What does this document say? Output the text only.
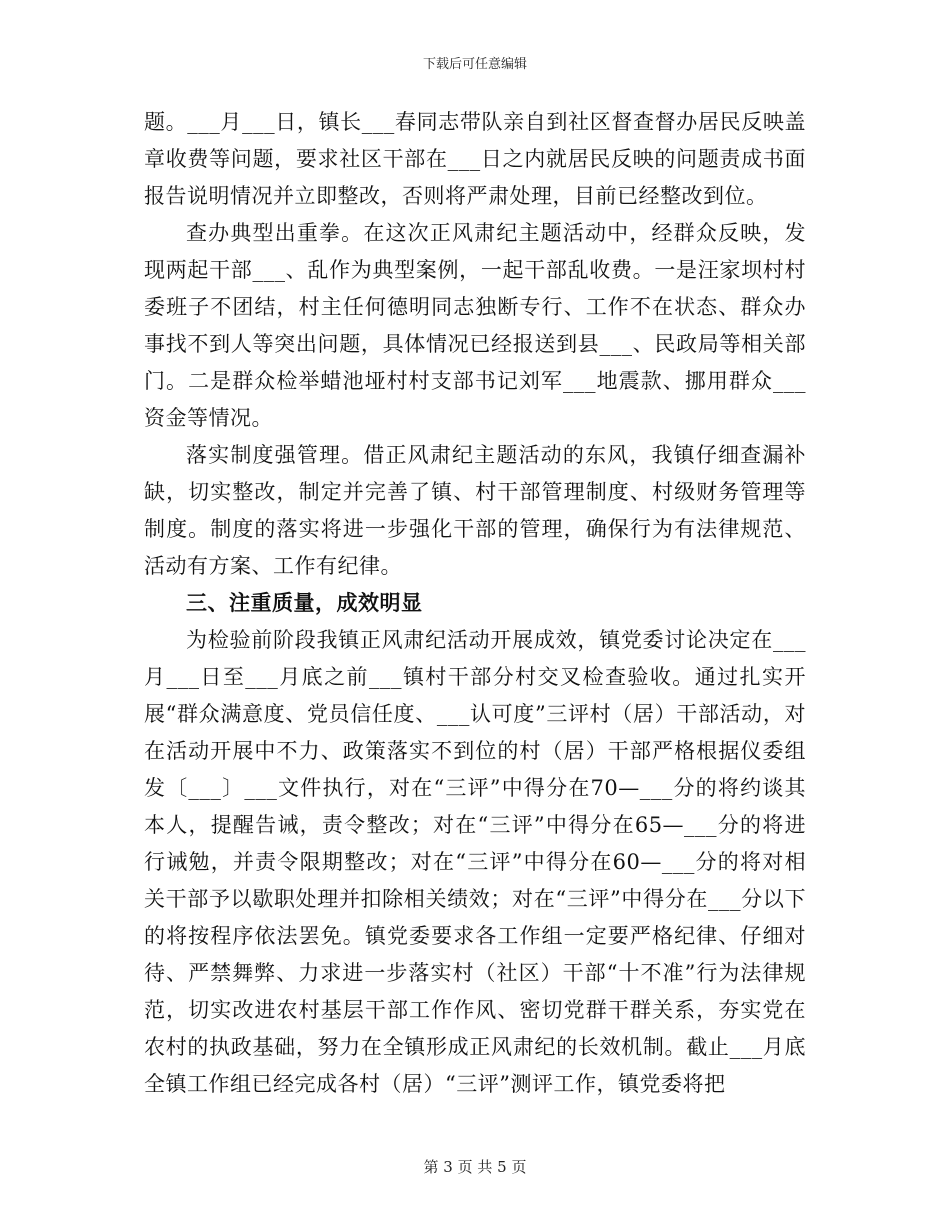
下载后可任意编辑

题。___月___日，镇长___春同志带队亲自到社区督查督办居民反映盖章收费等问题，要求社区干部在___日之内就居民反映的问题责成书面报告说明情况并立即整改，否则将严肃处理，目前已经整改到位。

查办典型出重拳。在这次正风肃纪主题活动中，经群众反映，发现两起干部___、乱作为典型案例，一起干部乱收费。一是汪家坝村村委班子不团结，村主任何德明同志独断专行、工作不在状态、群众办事找不到人等突出问题，具体情况已经报送到县___、民政局等相关部门。二是群众检举蜡池垭村村支部书记刘军___地震款、挪用群众___资金等情况。

落实制度强管理。借正风肃纪主题活动的东风，我镇仔细查漏补缺，切实整改，制定并完善了镇、村干部管理制度、村级财务管理等制度。制度的落实将进一步强化干部的管理，确保行为有法律规范、活动有方案、工作有纪律。

三、注重质量，成效明显

为检验前阶段我镇正风肃纪活动开展成效，镇党委讨论决定在___月___日至___月底之前___镇村干部分村交叉检查验收。通过扎实开展“群众满意度、党员信任度、___认可度”三评村（居）干部活动，对在活动开展中不力、政策落实不到位的村（居）干部严格根据仪委组发〔___〕___文件执行，对在“三评”中得分在70—___分的将约谈其本人，提醒告诫，责令整改；对在“三评”中得分在65—___分的将进行诫勉，并责令限期整改；对在“三评”中得分在60—___分的将对相关干部予以歇职处理并扣除相关绩效；对在“三评”中得分在___分以下的将按程序依法罢免。镇党委要求各工作组一定要严格纪律、仔细对待、严禁舞弊、力求进一步落实村（社区）干部“十不准”行为法律规范，切实改进农村基层干部工作作风、密切党群干群关系，夯实党在农村的执政基础，努力在全镇形成正风肃纪的长效机制。截止___月底全镇工作组已经完成各村（居）“三评”测评工作，镇党委将把

第 3 页 共 5 页
